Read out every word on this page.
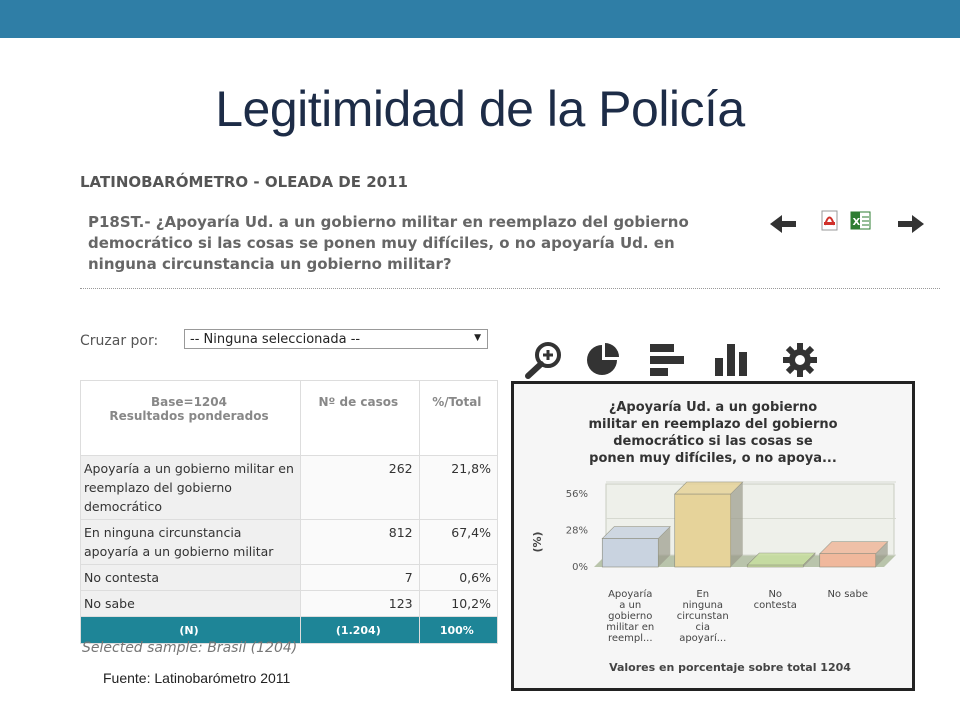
Legitimidad de la Policía
LATINOBARÓMETRO - OLEADA DE 2011
P18ST.- ¿Apoyaría Ud. a un gobierno militar en reemplazo del gobierno democrático si las cosas se ponen muy difíciles, o no apoyaría Ud. en ninguna circunstancia un gobierno militar?
X
Cruzar por:	-- Ninguna seleccionada --	▼
Base=1204
Resultados ponderados	Nº de casos	%/Total
Apoyaría a un gobierno militar en reemplazo del gobierno democrático	262	21,8%
En ninguna circunstancia apoyaría a un gobierno militar	812	67,4%
No contesta	7	0,6%
No sabe	123	10,2%
(N)	(1.204)	100%
Selected sample: Brasil (1204)
Fuente: Latinobarómetro 2011
¿Apoyaría Ud. a un gobierno
militar en reemplazo del gobierno
democrático si las cosas se
ponen muy difíciles, o no apoya...
0%
28%
56%
(%)
Apoyaría
a un
gobierno
militar en
reempl...
En
ninguna
circunstan
cia
apoyarí...
No
contesta
No sabe
Valores en porcentaje sobre total 1204
